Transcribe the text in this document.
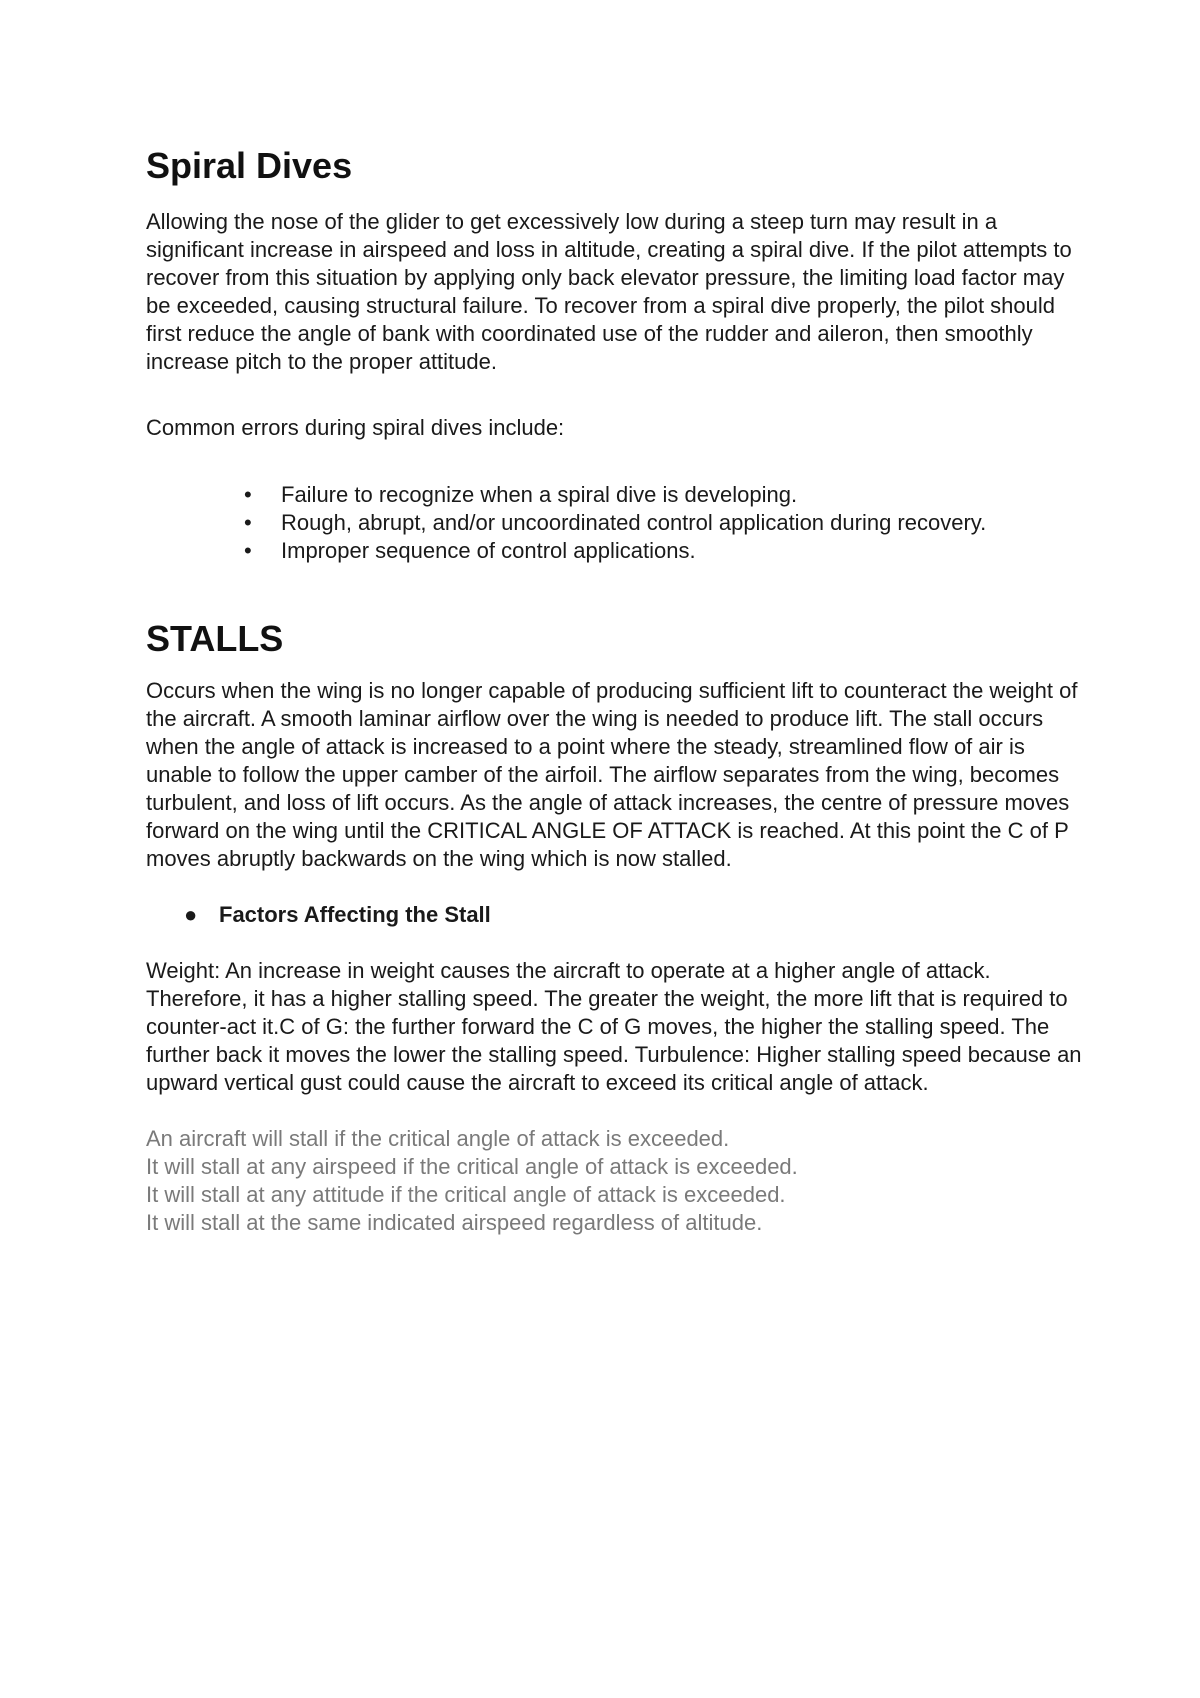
Spiral Dives

Allowing the nose of the glider to get excessively low during a steep turn may result in a significant increase in airspeed and loss in altitude, creating a spiral dive. If the pilot attempts to recover from this situation by applying only back elevator pressure, the limiting load factor may be exceeded, causing structural failure. To recover from a spiral dive properly, the pilot should first reduce the angle of bank with coordinated use of the rudder and aileron, then smoothly increase pitch to the proper attitude.

Common errors during spiral dives include:

• Failure to recognize when a spiral dive is developing.
• Rough, abrupt, and/or uncoordinated control application during recovery.
• Improper sequence of control applications.
STALLS

Occurs when the wing is no longer capable of producing sufficient lift to counteract the weight of the aircraft. A smooth laminar airflow over the wing is needed to produce lift. The stall occurs when the angle of attack is increased to a point where the steady, streamlined flow of air is unable to follow the upper camber of the airfoil. The airflow separates from the wing, becomes turbulent, and loss of lift occurs. As the angle of attack increases, the centre of pressure moves forward on the wing until the CRITICAL ANGLE OF ATTACK is reached. At this point the C of P moves abruptly backwards on the wing which is now stalled.

● Factors Affecting the Stall

Weight: An increase in weight causes the aircraft to operate at a higher angle of attack. Therefore, it has a higher stalling speed. The greater the weight, the more lift that is required to counter-act it.C of G: the further forward the C of G moves, the higher the stalling speed. The further back it moves the lower the stalling speed. Turbulence: Higher stalling speed because an upward vertical gust could cause the aircraft to exceed its critical angle of attack.

An aircraft will stall if the critical angle of attack is exceeded.

It will stall at any airspeed if the critical angle of attack is exceeded.

It will stall at any attitude if the critical angle of attack is exceeded.

It will stall at the same indicated airspeed regardless of altitude.
